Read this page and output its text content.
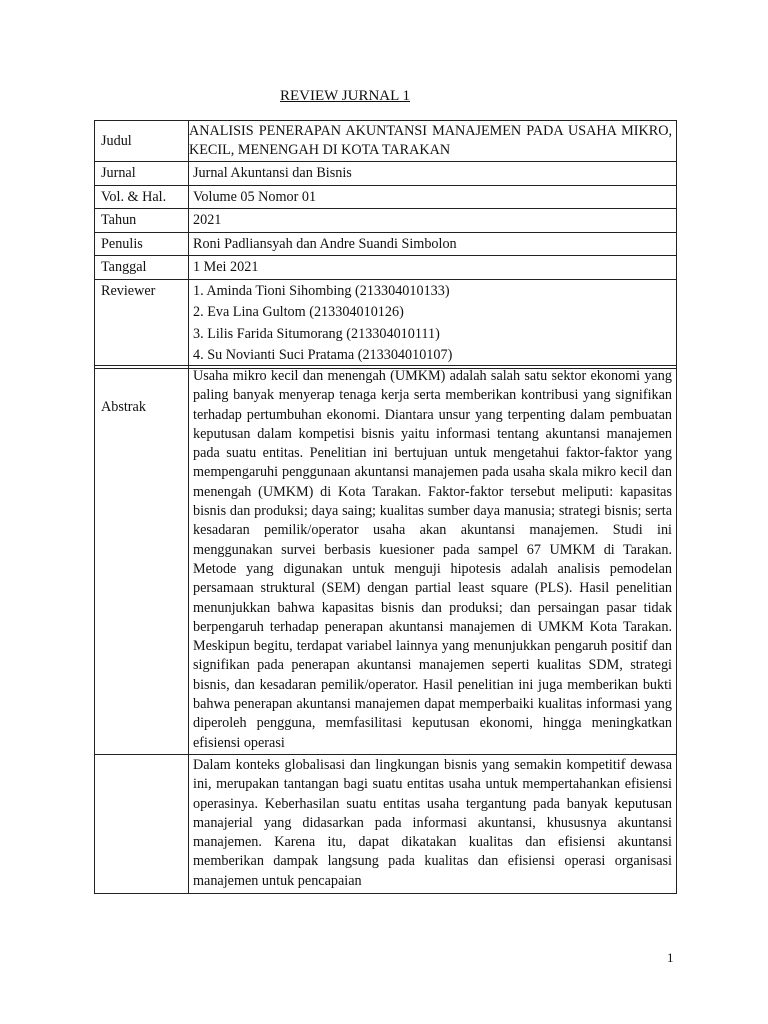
REVIEW JURNAL 1
Judul	ANALISIS PENERAPAN AKUNTANSI MANAJEMEN PADA USAHA MIKRO, KECIL, MENENGAH DI KOTA TARAKAN
Jurnal	Jurnal Akuntansi dan Bisnis
Vol. & Hal.	Volume 05 Nomor 01
Tahun	2021
Penulis	Roni Padliansyah dan Andre Suandi Simbolon
Tanggal	1 Mei 2021
Reviewer	1. Aminda Tioni Sihombing (213304010133)
2. Eva Lina Gultom (213304010126)
3. Lilis Farida Situmorang (213304010111)
4. Su Novianti Suci Pratama (213304010107)
Abstrak	Usaha mikro kecil dan menengah (UMKM) adalah salah satu sektor ekonomi yang paling banyak menyerap tenaga kerja serta memberikan kontribusi yang signifikan terhadap pertumbuhan ekonomi. Diantara unsur yang terpenting dalam pembuatan keputusan dalam kompetisi bisnis yaitu informasi tentang akuntansi manajemen pada suatu entitas. Penelitian ini bertujuan untuk mengetahui faktor-faktor yang mempengaruhi penggunaan akuntansi manajemen pada usaha skala mikro kecil dan menengah (UMKM) di Kota Tarakan. Faktor-faktor tersebut meliputi: kapasitas bisnis dan produksi; daya saing; kualitas sumber daya manusia; strategi bisnis; serta kesadaran pemilik/operator usaha akan akuntansi manajemen. Studi ini menggunakan survei berbasis kuesioner pada sampel 67 UMKM di Tarakan. Metode yang digunakan untuk menguji hipotesis adalah analisis pemodelan persamaan struktural (SEM) dengan partial least square (PLS). Hasil penelitian menunjukkan bahwa kapasitas bisnis dan produksi; dan persaingan pasar tidak berpengaruh terhadap penerapan akuntansi manajemen di UMKM Kota Tarakan. Meskipun begitu, terdapat variabel lainnya yang menunjukkan pengaruh positif dan signifikan pada penerapan akuntansi manajemen seperti kualitas SDM, strategi bisnis, dan kesadaran pemilik/operator. Hasil penelitian ini juga memberikan bukti bahwa penerapan akuntansi manajemen dapat memperbaiki kualitas informasi yang diperoleh pengguna, memfasilitasi keputusan ekonomi, hingga meningkatkan efisiensi operasi
	Dalam konteks globalisasi dan lingkungan bisnis yang semakin kompetitif dewasa ini, merupakan tantangan bagi suatu entitas usaha untuk mempertahankan efisiensi operasinya. Keberhasilan suatu entitas usaha tergantung pada banyak keputusan manajerial yang didasarkan pada informasi akuntansi, khususnya akuntansi manajemen. Karena itu, dapat dikatakan kualitas dan efisiensi akuntansi memberikan dampak langsung pada kualitas dan efisiensi operasi organisasi manajemen untuk pencapaian
1
